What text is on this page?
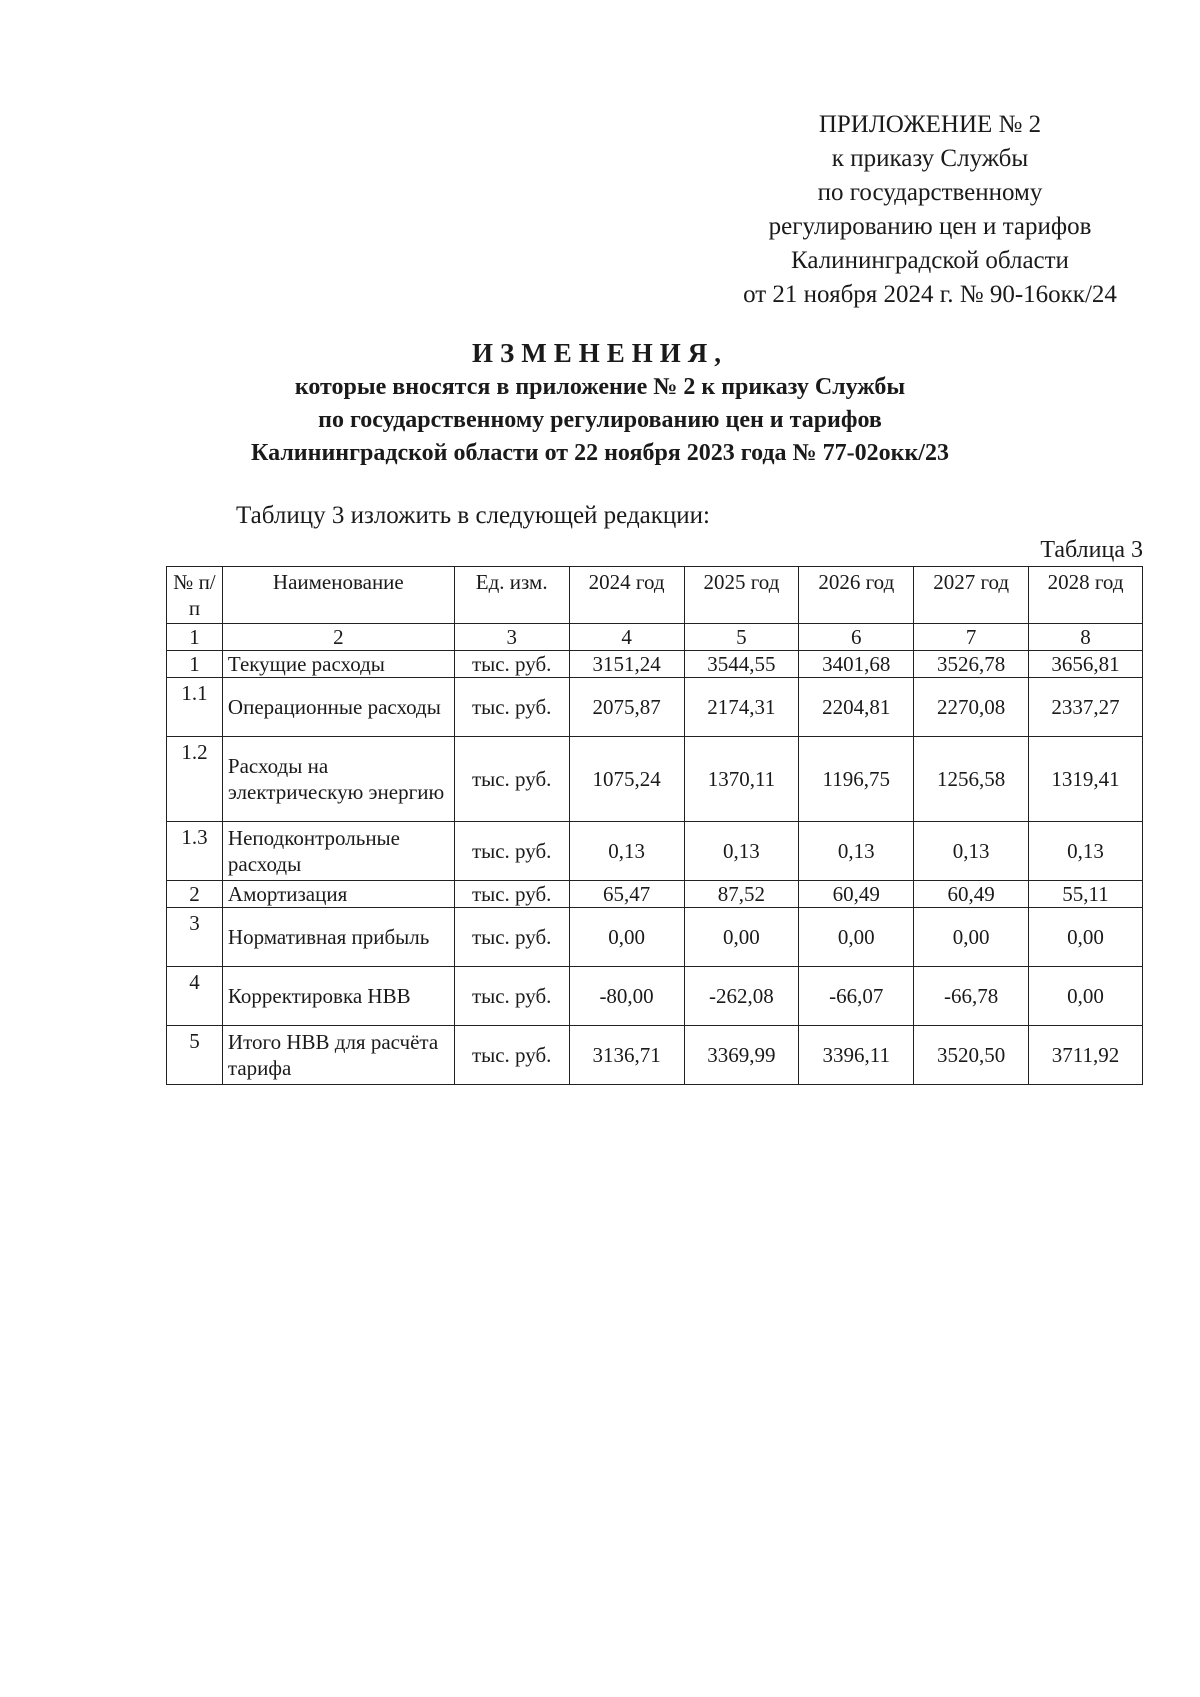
ПРИЛОЖЕНИЕ № 2
к приказу Службы
по государственному
регулированию цен и тарифов
Калининградской области
от 21 ноября 2024 г. № 90-16окк/24
ИЗМЕНЕНИЯ,
которые вносятся в приложение № 2 к приказу Службы
по государственному регулированию цен и тарифов
Калининградской области от 22 ноября 2023 года № 77-02окк/23
Таблицу 3 изложить в следующей редакции:
Таблица 3
№ п/п	Наименование	Ед. изм.	2024 год	2025 год	2026 год	2027 год	2028 год
1	2	3	4	5	6	7	8
1	Текущие расходы	тыс. руб.	3151,24	3544,55	3401,68	3526,78	3656,81
1.1	Операционные расходы	тыс. руб.	2075,87	2174,31	2204,81	2270,08	2337,27
1.2	Расходы на электрическую энергию	тыс. руб.	1075,24	1370,11	1196,75	1256,58	1319,41
1.3	Неподконтрольные расходы	тыс. руб.	0,13	0,13	0,13	0,13	0,13
2	Амортизация	тыс. руб.	65,47	87,52	60,49	60,49	55,11
3	Нормативная прибыль	тыс. руб.	0,00	0,00	0,00	0,00	0,00
4	Корректировка НВВ	тыс. руб.	-80,00	-262,08	-66,07	-66,78	0,00
5	Итого НВВ для расчёта тарифа	тыс. руб.	3136,71	3369,99	3396,11	3520,50	3711,92
